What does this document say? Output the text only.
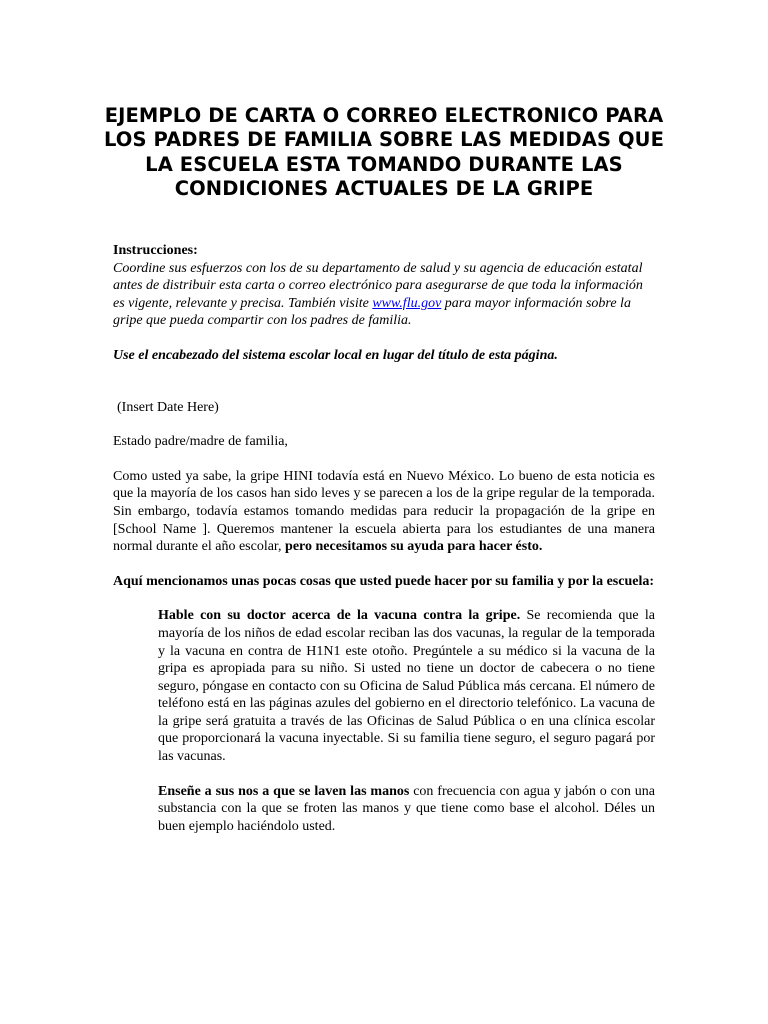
EJEMPLO DE CARTA O CORREO ELECTRONICO PARA LOS PADRES DE FAMILIA SOBRE LAS MEDIDAS QUE LA ESCUELA ESTA TOMANDO DURANTE LAS CONDICIONES ACTUALES DE LA GRIPE

Instrucciones:
Coordine sus esfuerzos con los de su departamento de salud y su agencia de educación estatal antes de distribuir esta carta o correo electrónico para asegurarse de que toda la información es vigente, relevante y precisa. También visite www.flu.gov para mayor información sobre la gripe que pueda compartir con los padres de familia.

Use el encabezado del sistema escolar local en lugar del título de esta página.

(Insert Date Here)

Estado padre/madre de familia,

Como usted ya sabe, la gripe HINI todavía está en Nuevo México. Lo bueno de esta noticia es que la mayoría de los casos han sido leves y se parecen a los de la gripe regular de la temporada. Sin embargo, todavía estamos tomando medidas para reducir la propagación de la gripe en [School Name ]. Queremos mantener la escuela abierta para los estudiantes de una manera normal durante el año escolar, pero necesitamos su ayuda para hacer ésto.

Aquí mencionamos unas pocas cosas que usted puede hacer por su familia y por la escuela:

Hable con su doctor acerca de la vacuna contra la gripe. Se recomienda que la mayoría de los niños de edad escolar reciban las dos vacunas, la regular de la temporada y la vacuna en contra de H1N1 este otoño. Pregúntele a su médico si la vacuna de la gripa es apropiada para su niño. Si usted no tiene un doctor de cabecera o no tiene seguro, póngase en contacto con su Oficina de Salud Pública más cercana. El número de teléfono está en las páginas azules del gobierno en el directorio telefónico. La vacuna de la gripe será gratuita a través de las Oficinas de Salud Pública o en una clínica escolar que proporcionará la vacuna inyectable. Si su familia tiene seguro, el seguro pagará por las vacunas.

Enseñe a sus nos a que se laven las manos con frecuencia con agua y jabón o con una substancia con la que se froten las manos y que tiene como base el alcohol. Déles un buen ejemplo haciéndolo usted.
